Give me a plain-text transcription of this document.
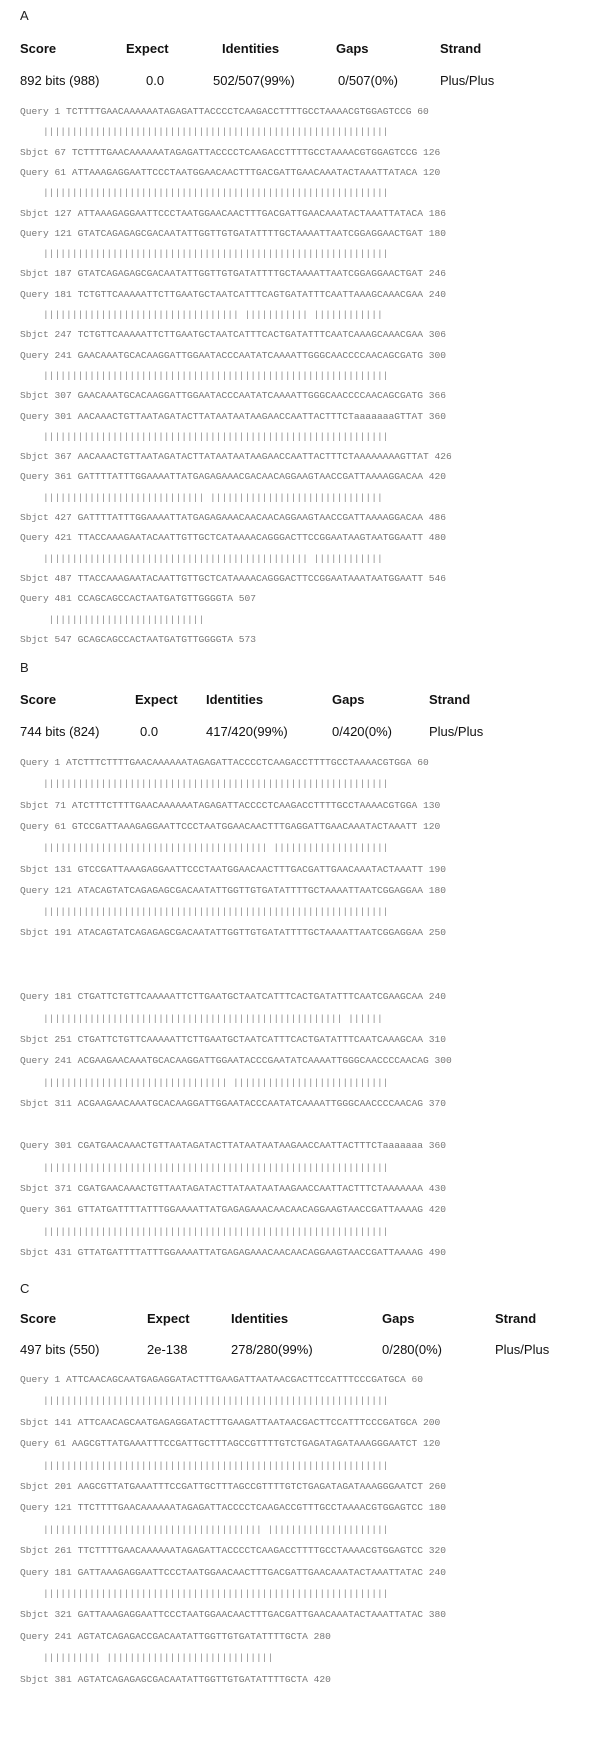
A
Score	Expect	Identities	Gaps	Strand
892 bits (988)	0.0	502/507(99%)	0/507(0%)	Plus/Plus
Query 1 TCTTTTGAACAAAAAATAGAGATTACCCCTCAAGACCTTTTGCCTAAAACGTGGAGTCCG 60
||||||||||||||||||||||||||||||||||||||||||||||||||||||||||||
Sbjct 67 TCTTTTGAACAAAAAATAGAGATTACCCCTCAAGACCTTTTGCCTAAAACGTGGAGTCCG 126
Query 61 ATTAAAGAGGAATTCCCTAATGGAACAACTTTGACGATTGAACAAATACTAAATTATACA 120
||||||||||||||||||||||||||||||||||||||||||||||||||||||||||||
Sbjct 127 ATTAAAGAGGAATTCCCTAATGGAACAACTTTGACGATTGAACAAATACTAAATTATACA 186
Query 121 GTATCAGAGAGCGACAATATTGGTTGTGATATTTTGCTAAAATTAATCGGAGGAACTGAT 180
||||||||||||||||||||||||||||||||||||||||||||||||||||||||||||
Sbjct 187 GTATCAGAGAGCGACAATATTGGTTGTGATATTTTGCTAAAATTAATCGGAGGAACTGAT 246
Query 181 TCTGTTCAAAAATTCTTGAATGCTAATCATTTCAGTGATATTTCAATTAAAGCAAACGAA 240
|||||||||||||||||||||||||||||||||| ||||||||||| ||||||||||||
Sbjct 247 TCTGTTCAAAAATTCTTGAATGCTAATCATTTCACTGATATTTCAATCAAAGCAAACGAA 306
Query 241 GAACAAATGCACAAGGATTGGAATACCCAATATCAAAATTGGGCAACCCCAACAGCGATG 300
||||||||||||||||||||||||||||||||||||||||||||||||||||||||||||
Sbjct 307 GAACAAATGCACAAGGATTGGAATACCCAATATCAAAATTGGGCAACCCCAACAGCGATG 366
Query 301 AACAAACTGTTAATAGATACTTATAATAATAAGAACCAATTACTTTCTaaaaaaaGTTAT 360
||||||||||||||||||||||||||||||||||||||||||||||||||||||||||||
Sbjct 367 AACAAACTGTTAATAGATACTTATAATAATAAGAACCAATTACTTTCTAAAAAAAAGTTAT 426
Query 361 GATTTTATTTGGAAAATTATGAGAGAAACGACAACAGGAAGTAACCGATTAAAAGGACAA 420
|||||||||||||||||||||||||||| ||||||||||||||||||||||||||||||
Sbjct 427 GATTTTATTTGGAAAATTATGAGAGAAACAACAACAGGAAGTAACCGATTAAAAGGACAA 486
Query 421 TTACCAAAGAATACAATTGTTGCTCATAAAACAGGGACTTCCGGAATAAGTAATGGAATT 480
|||||||||||||||||||||||||||||||||||||||||||||| ||||||||||||
Sbjct 487 TTACCAAAGAATACAATTGTTGCTCATAAAACAGGGACTTCCGGAATAAATAATGGAATT 546
Query 481 CCAGCAGCCACTAATGATGTTGGGGTA 507
|||||||||||||||||||||||||||
Sbjct 547 GCAGCAGCCACTAATGATGTTGGGGTA 573
B
Score	Expect Identities	Gaps	Strand
744 bits (824)	0.0	417/420(99%)	0/420(0%)	Plus/Plus
Query 1 ATCTTTCTTTTGAACAAAAAATAGAGATTACCCCTCAAGACCTTTTGCCTAAAACGTGGA 60
||||||||||||||||||||||||||||||||||||||||||||||||||||||||||||
Sbjct 71 ATCTTTCTTTTGAACAAAAAATAGAGATTACCCCTCAAGACCTTTTGCCTAAAACGTGGA 130
Query 61 GTCCGATTAAAGAGGAATTCCCTAATGGAACAACTTTGAGGATTGAACAAATACTAAATT 120
||||||||||||||||||||||||||||||||||||||| ||||||||||||||||||||
Sbjct 131 GTCCGATTAAAGAGGAATTCCCTAATGGAACAACTTTGACGATTGAACAAATACTAAATT 190
Query 121 ATACAGTATCAGAGAGCGACAATATTGGTTGTGATATTTTGCTAAAATTAATCGGAGGAA 180
||||||||||||||||||||||||||||||||||||||||||||||||||||||||||||
Sbjct 191 ATACAGTATCAGAGAGCGACAATATTGGTTGTGATATTTTGCTAAAATTAATCGGAGGAA 250
Query 181 CTGATTCTGTTCAAAAATTCTTGAATGCTAATCATTTCACTGATATTTCAATCGAAGCAA 240
|||||||||||||||||||||||||||||||||||||||||||||||||||| ||||||
Sbjct 251 CTGATTCTGTTCAAAAATTCTTGAATGCTAATCATTTCACTGATATTTCAATCAAAGCAA 310
Query 241 ACGAAGAACAAATGCACAAGGATTGGAATACCCGAATATCAAAATTGGGCAACCCCAACAG 300
|||||||||||||||||||||||||||||||| |||||||||||||||||||||||||||
Sbjct 311 ACGAAGAACAAATGCACAAGGATTGGAATACCCAATATCAAAATTGGGCAACCCCAACAG 370
Query 301 CGATGAACAAACTGTTAATAGATACTTATAATAATAAGAACCAATTACTTTCTaaaaaaa 360
||||||||||||||||||||||||||||||||||||||||||||||||||||||||||||
Sbjct 371 CGATGAACAAACTGTTAATAGATACTTATAATAATAAGAACCAATTACTTTCTAAAAAAA 430
Query 361 GTTATGATTTTATTTGGAAAATTATGAGAGAAACAACAACAGGAAGTAACCGATTAAAAG 420
||||||||||||||||||||||||||||||||||||||||||||||||||||||||||||
Sbjct 431 GTTATGATTTTATTTGGAAAATTATGAGAGAAACAACAACAGGAAGTAACCGATTAAAAG 490
C
Score	Expect	Identities	Gaps	Strand
497 bits (550)	2e-138	278/280(99%)	0/280(0%)	Plus/Plus
Query 1 ATTCAACAGCAATGAGAGGATACTTTGAAGATTAATAACGACTTCCATTTCCCGATGCA 60
||||||||||||||||||||||||||||||||||||||||||||||||||||||||||||
Sbjct 141 ATTCAACAGCAATGAGAGGATACTTTGAAGATTAATAACGACTTCCATTTCCCGATGCA 200
Query 61 AAGCGTTATGAAATTTCCGATTGCTTTAGCCGTTTTGTCTGAGATAGATAAAGGGAATCT 120
||||||||||||||||||||||||||||||||||||||||||||||||||||||||||||
Sbjct 201 AAGCGTTATGAAATTTCCGATTGCTTTAGCCGTTTTGTCTGAGATAGATAAAGGGAATCT 260
Query 121 TTCTTTTGAACAAAAAATAGAGATTACCCCTCAAGACCGTTTGCCTAAAACGTGGAGTCC 180
|||||||||||||||||||||||||||||||||||||| |||||||||||||||||||||
Sbjct 261 TTCTTTTGAACAAAAAATAGAGATTACCCCTCAAGACCTTTTGCCTAAAACGTGGAGTCC 320
Query 181 GATTAAAGAGGAATTCCCTAATGGAACAACTTTGACGATTGAACAAATACTAAATTATAC 240
||||||||||||||||||||||||||||||||||||||||||||||||||||||||||||
Sbjct 321 GATTAAAGAGGAATTCCCTAATGGAACAACTTTGACGATTGAACAAATACTAAATTATAC 380
Query 241 AGTATCAGAGACCGACAATATTGGTTGTGATATTTTGCTA 280
|||||||||| |||||||||||||||||||||||||||||
Sbjct 381 AGTATCAGAGAGCGACAATATTGGTTGTGATATTTTGCTA 420
